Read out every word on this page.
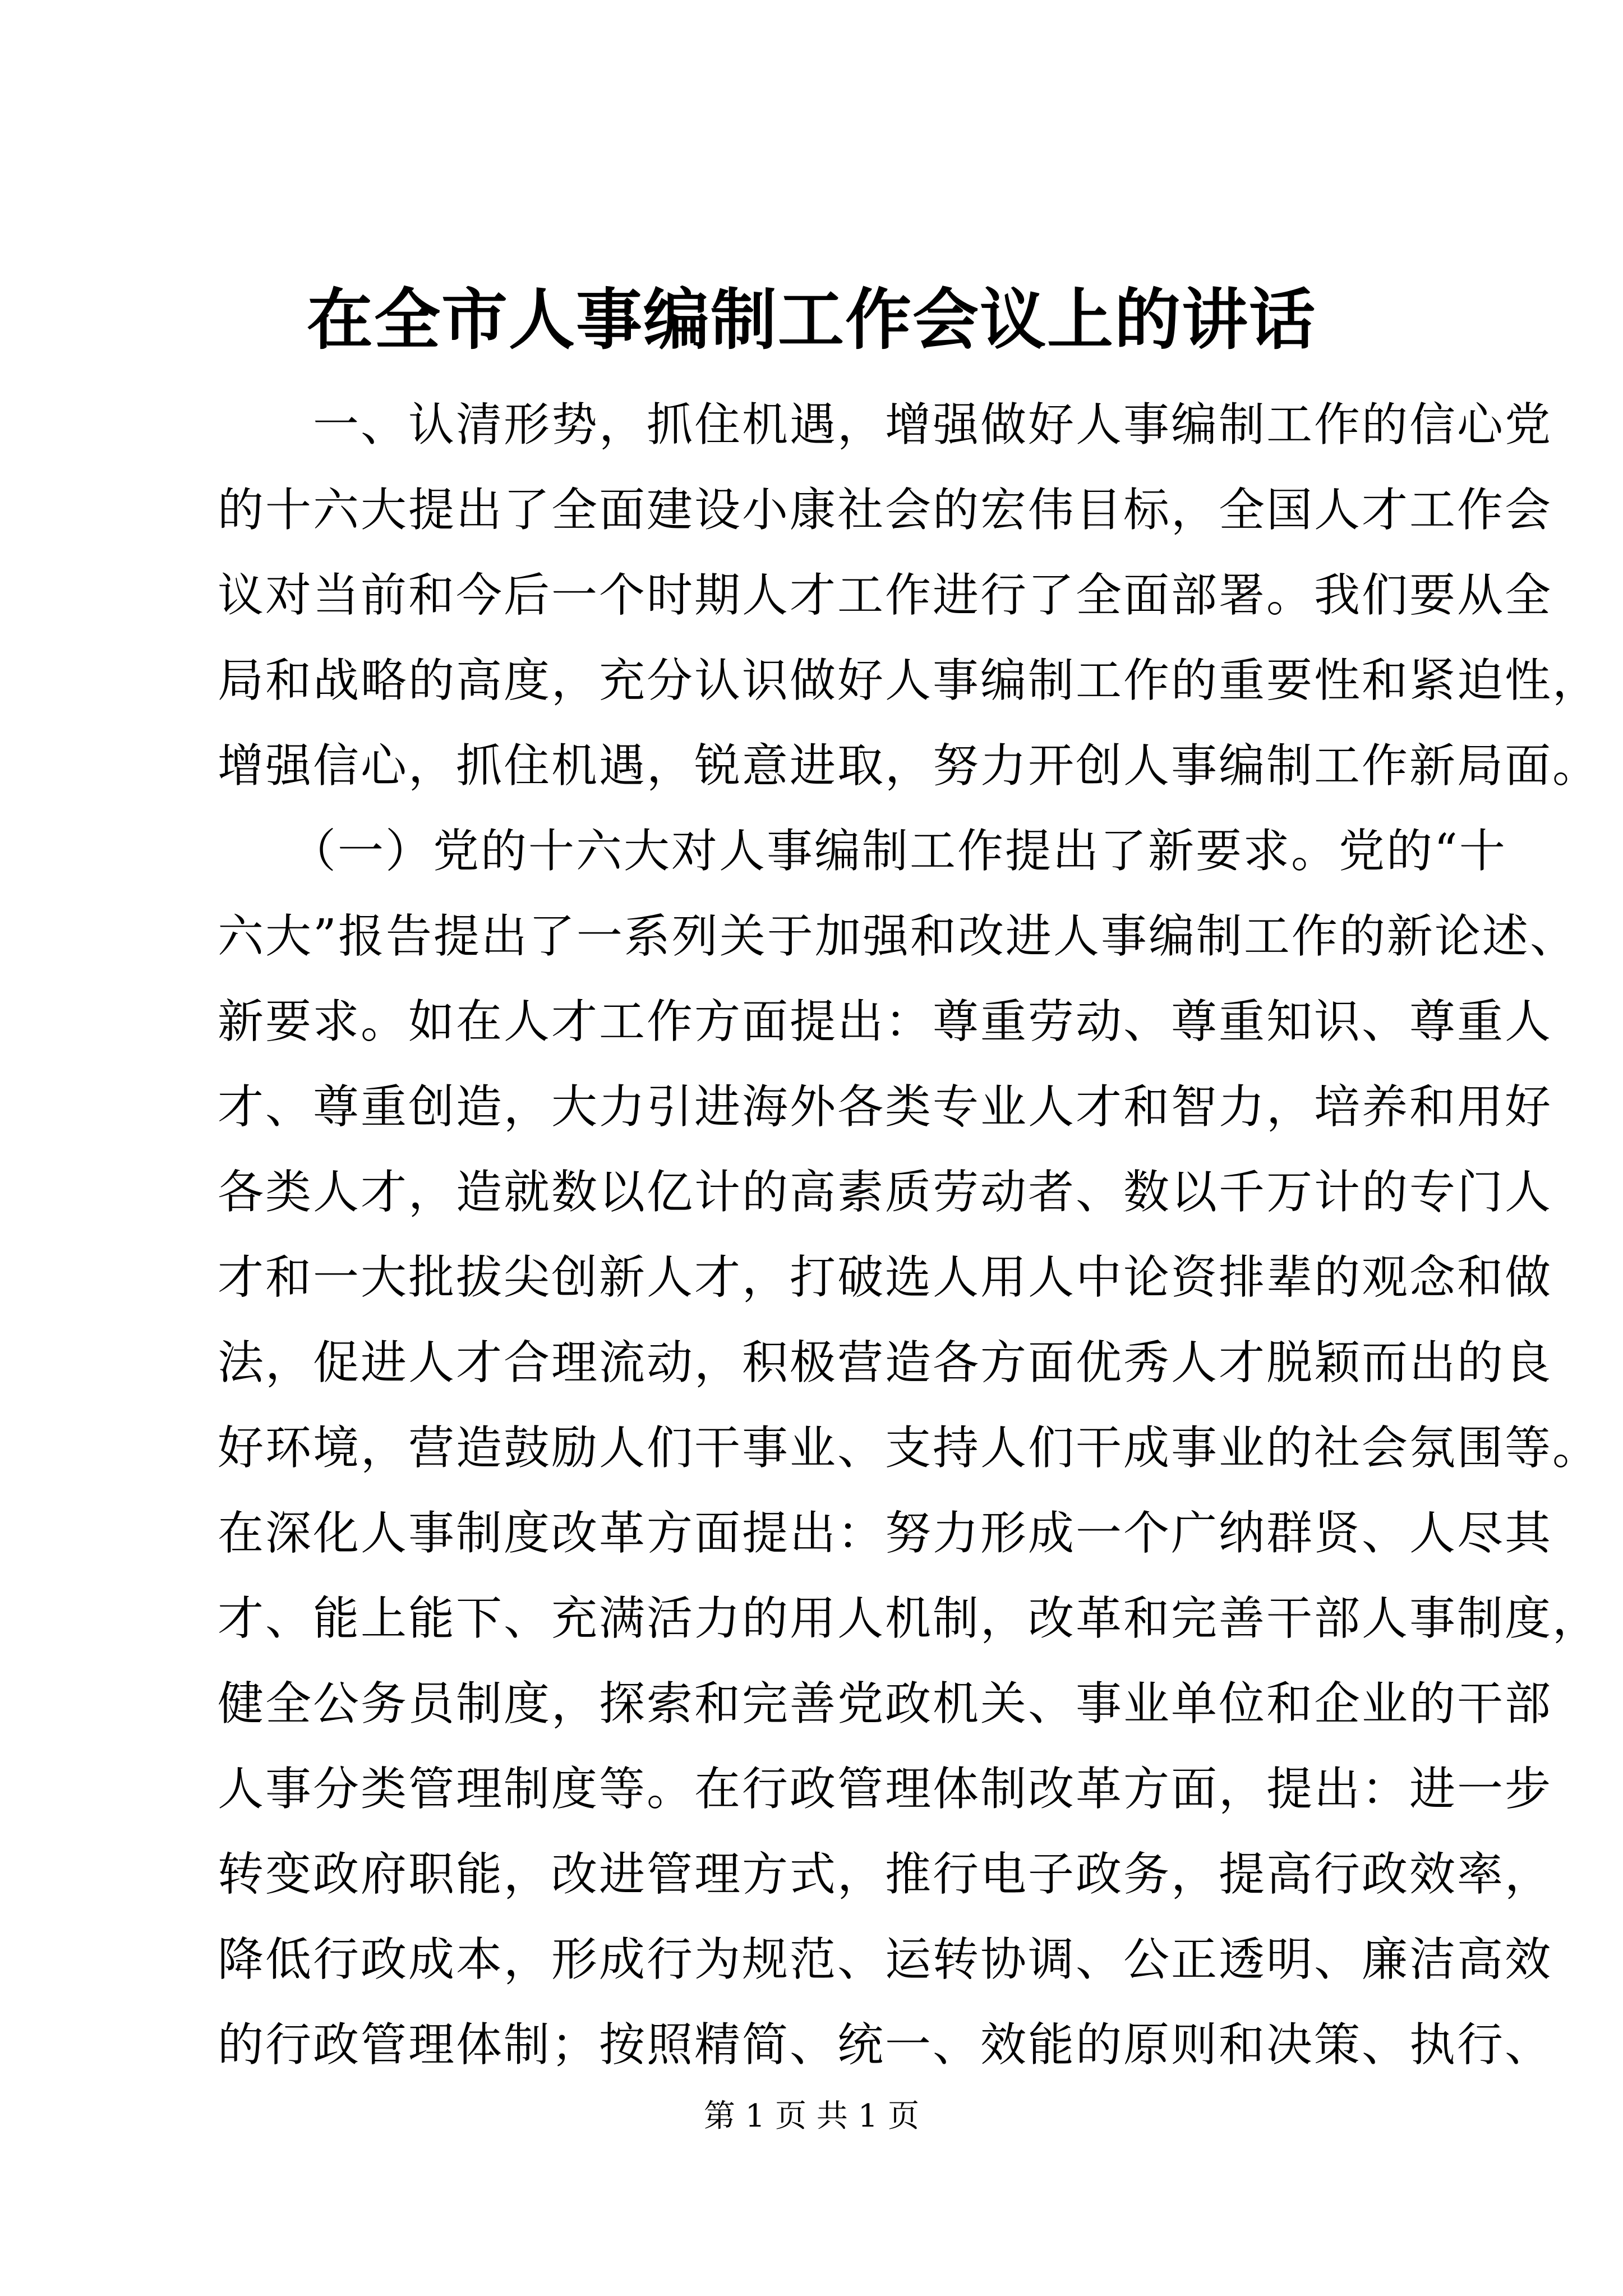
在全市人事编制工作会议上的讲话
　　一、认清形势，抓住机遇，增强做好人事编制工作的信心党
的十六大提出了全面建设小康社会的宏伟目标，全国人才工作会
议对当前和今后一个时期人才工作进行了全面部署。我们要从全
局和战略的高度，充分认识做好人事编制工作的重要性和紧迫性，
增强信心，抓住机遇，锐意进取，努力开创人事编制工作新局面。
　　（一）党的十六大对人事编制工作提出了新要求。党的“十
六大”报告提出了一系列关于加强和改进人事编制工作的新论述、
新要求。如在人才工作方面提出：尊重劳动、尊重知识、尊重人
才、尊重创造，大力引进海外各类专业人才和智力，培养和用好
各类人才，造就数以亿计的高素质劳动者、数以千万计的专门人
才和一大批拔尖创新人才，打破选人用人中论资排辈的观念和做
法，促进人才合理流动，积极营造各方面优秀人才脱颖而出的良
好环境，营造鼓励人们干事业、支持人们干成事业的社会氛围等。
在深化人事制度改革方面提出：努力形成一个广纳群贤、人尽其
才、能上能下、充满活力的用人机制，改革和完善干部人事制度，
健全公务员制度，探索和完善党政机关、事业单位和企业的干部
人事分类管理制度等。在行政管理体制改革方面，提出：进一步
转变政府职能，改进管理方式，推行电子政务，提高行政效率，
降低行政成本，形成行为规范、运转协调、公正透明、廉洁高效
的行政管理体制；按照精简、统一、效能的原则和决策、执行、
第 1 页 共 1 页
